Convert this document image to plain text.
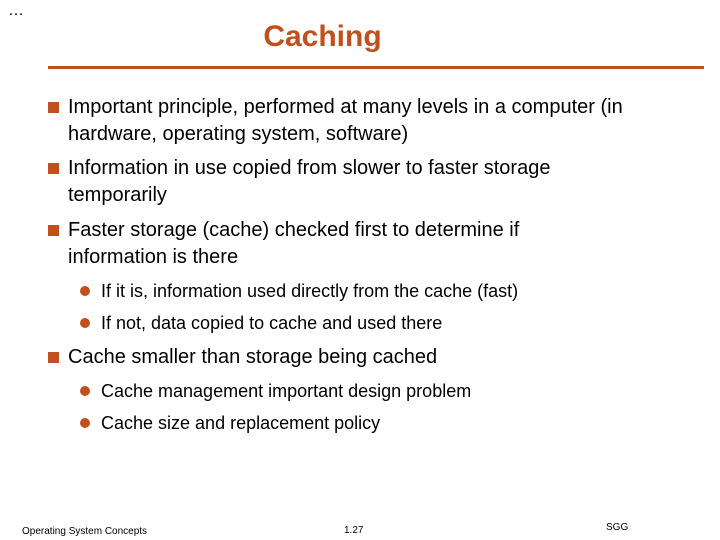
…
Caching
Important principle, performed at many levels in a computer (in hardware, operating system, software)
Information in use copied from slower to faster storage temporarily
Faster storage (cache) checked first to determine if information is there
If it is, information used directly from the cache (fast)
If not, data copied to cache and used there
Cache smaller than storage being cached
Cache management important design problem
Cache size and replacement policy
Operating System Concepts	1.27	SGG
